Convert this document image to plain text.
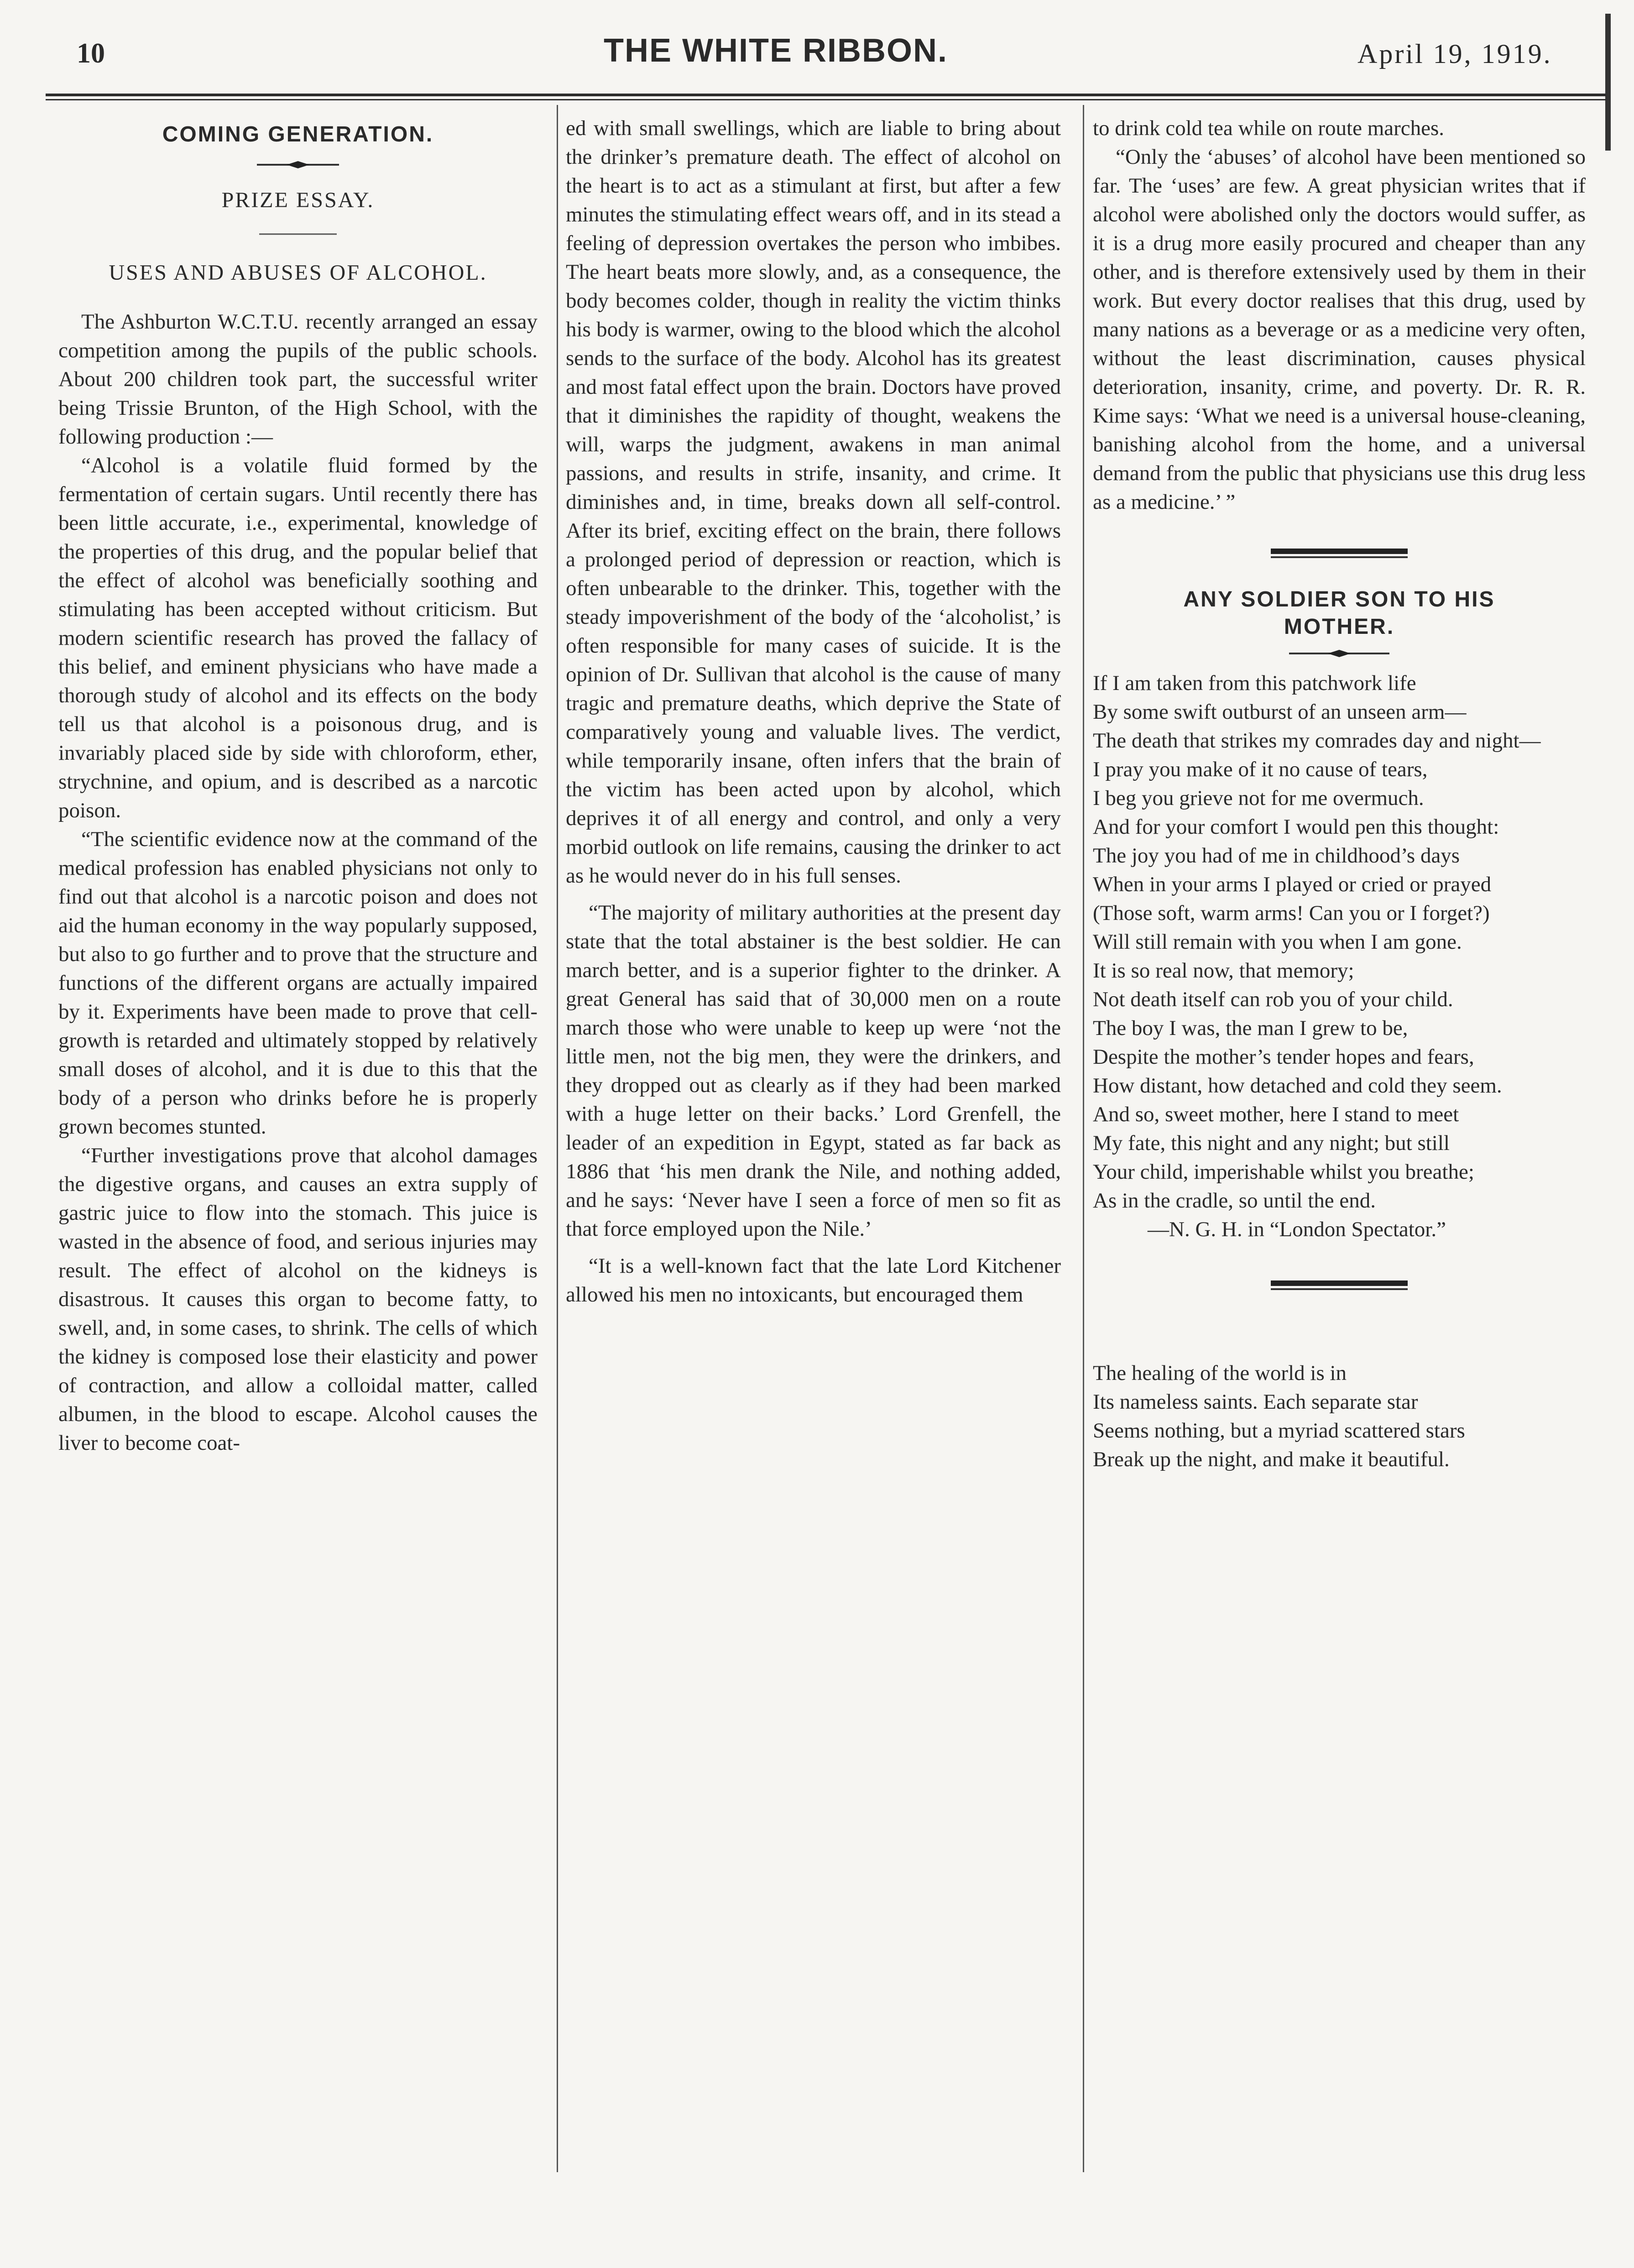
10	THE WHITE RIBBON.	April 19, 1919.

COMING GENERATION.

PRIZE ESSAY.

USES AND ABUSES OF ALCOHOL.

The Ashburton W.C.T.U. recently arranged an essay competition among the pupils of the public schools. About 200 children took part, the successful writer being Trissie Brunton, of the High School, with the following production :—

“Alcohol is a volatile fluid formed by the fermentation of certain sugars. Until recently there has been little accurate, i.e., experimental, knowledge of the properties of this drug, and the popular belief that the effect of alcohol was beneficially soothing and stimulating has been accepted without criticism. But modern scientific research has proved the fallacy of this belief, and eminent physicians who have made a thorough study of alcohol and its effects on the body tell us that alcohol is a poisonous drug, and is invariably placed side by side with chloroform, ether, strychnine, and opium, and is described as a narcotic poison.

“The scientific evidence now at the command of the medical profession has enabled physicians not only to find out that alcohol is a narcotic poison and does not aid the human economy in the way popularly supposed, but also to go further and to prove that the structure and functions of the different organs are actually impaired by it. Experiments have been made to prove that cell-growth is retarded and ultimately stopped by relatively small doses of alcohol, and it is due to this that the body of a person who drinks before he is properly grown becomes stunted.

“Further investigations prove that alcohol damages the digestive organs, and causes an extra supply of gastric juice to flow into the stomach. This juice is wasted in the absence of food, and serious injuries may result. The effect of alcohol on the kidneys is disastrous. It causes this organ to become fatty, to swell, and, in some cases, to shrink. The cells of which the kidney is composed lose their elasticity and power of contraction, and allow a colloidal matter, called albumen, in the blood to escape. Alcohol causes the liver to become coat-

ed with small swellings, which are liable to bring about the drinker’s premature death. The effect of alcohol on the heart is to act as a stimulant at first, but after a few minutes the stimulating effect wears off, and in its stead a feeling of depression overtakes the person who imbibes. The heart beats more slowly, and, as a consequence, the body becomes colder, though in reality the victim thinks his body is warmer, owing to the blood which the alcohol sends to the surface of the body. Alcohol has its greatest and most fatal effect upon the brain. Doctors have proved that it diminishes the rapidity of thought, weakens the will, warps the judgment, awakens in man animal passions, and results in strife, insanity, and crime. It diminishes and, in time, breaks down all self-control. After its brief, exciting effect on the brain, there follows a prolonged period of depression or reaction, which is often unbearable to the drinker. This, together with the steady impoverishment of the body of the ‘alcoholist,’ is often responsible for many cases of suicide. It is the opinion of Dr. Sullivan that alcohol is the cause of many tragic and premature deaths, which deprive the State of comparatively young and valuable lives. The verdict, while temporarily insane, often infers that the brain of the victim has been acted upon by alcohol, which deprives it of all energy and control, and only a very morbid outlook on life remains, causing the drinker to act as he would never do in his full senses.

“The majority of military authorities at the present day state that the total abstainer is the best soldier. He can march better, and is a superior fighter to the drinker. A great General has said that of 30,000 men on a route march those who were unable to keep up were ‘not the little men, not the big men, they were the drinkers, and they dropped out as clearly as if they had been marked with a huge letter on their backs.’ Lord Grenfell, the leader of an expedition in Egypt, stated as far back as 1886 that ‘his men drank the Nile, and nothing added, and he says: ‘Never have I seen a force of men so fit as that force employed upon the Nile.’

“It is a well-known fact that the late Lord Kitchener allowed his men no intoxicants, but encouraged them

to drink cold tea while on route marches.

“Only the ‘abuses’ of alcohol have been mentioned so far. The ‘uses’ are few. A great physician writes that if alcohol were abolished only the doctors would suffer, as it is a drug more easily procured and cheaper than any other, and is therefore extensively used by them in their work. But every doctor realises that this drug, used by many nations as a beverage or as a medicine very often, without the least discrimination, causes physical deterioration, insanity, crime, and poverty. Dr. R. R. Kime says: ‘What we need is a universal house-cleaning, banishing alcohol from the home, and a universal demand from the public that physicians use this drug less as a medicine.’ ”

ANY SOLDIER SON TO HIS

MOTHER.

If I am taken from this patchwork life
By some swift outburst of an unseen arm—
The death that strikes my comrades day and night—
I pray you make of it no cause of tears,
I beg you grieve not for me overmuch.
And for your comfort I would pen this thought:
The joy you had of me in childhood’s days
When in your arms I played or cried or prayed
(Those soft, warm arms! Can you or I forget?)
Will still remain with you when I am gone.
It is so real now, that memory;
Not death itself can rob you of your child.
The boy I was, the man I grew to be,
Despite the mother’s tender hopes and fears,
How distant, how detached and cold they seem.
And so, sweet mother, here I stand to meet
My fate, this night and any night; but still
Your child, imperishable whilst you breathe;
As in the cradle, so until the end.
—N. G. H. in “London Spectator.”
The healing of the world is in
Its nameless saints. Each separate star
Seems nothing, but a myriad scattered stars
Break up the night, and make it beautiful.
